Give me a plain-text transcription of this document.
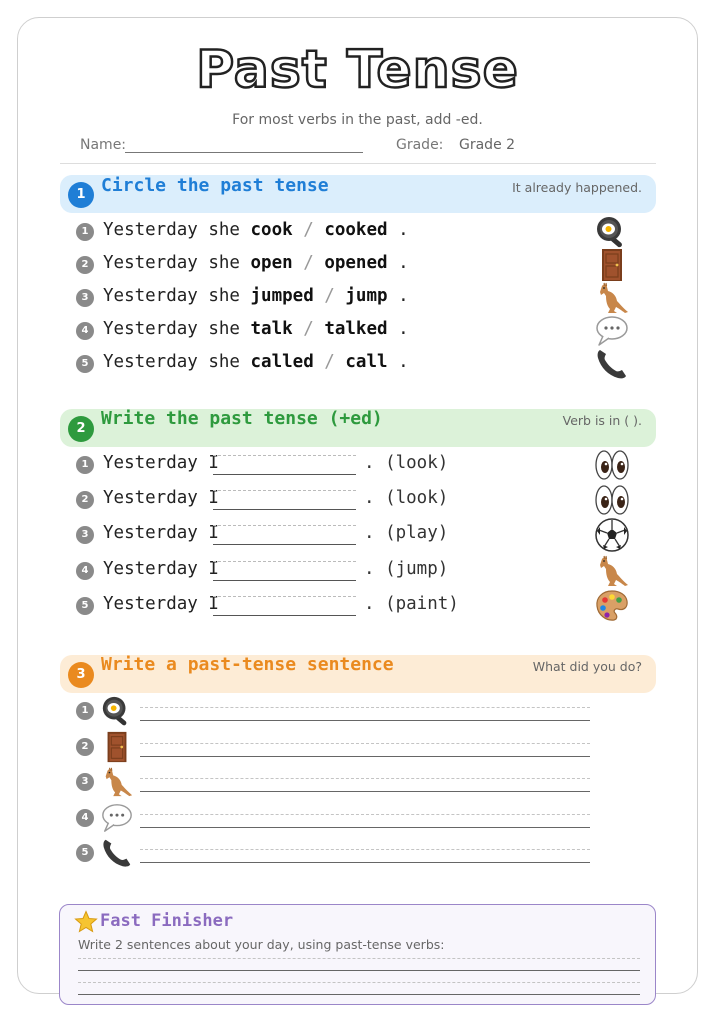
Past Tense
For most verbs in the past, add -ed.
Name:	Grade: Grade 2
1 Circle the past tense	It already happened.
1 Yesterday she cook / cooked .
2 Yesterday she open / opened .
3 Yesterday she jumped / jump .
4 Yesterday she talk / talked .
5 Yesterday she called / call .
2 Write the past tense (+ed)	Verb is in ( ).
1 Yesterday I	. (look)
2 Yesterday I	. (look)
3 Yesterday I	. (play)
4 Yesterday I	. (jump)
5 Yesterday I	. (paint)
3 Write a past-tense sentence	What did you do?
1
2
3
4
5
Fast Finisher
Write 2 sentences about your day, using past-tense verbs:
